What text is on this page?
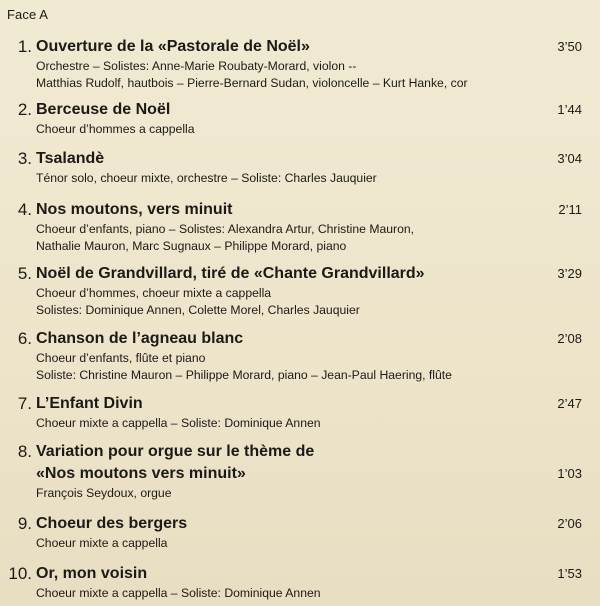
Face A
1. Ouverture de la «Pastorale de Noël»	3’50
Orchestre – Solistes: Anne-Marie Roubaty-Morard, violon --
Matthias Rudolf, hautbois – Pierre-Bernard Sudan, violoncelle – Kurt Hanke, cor
2. Berceuse de Noël	1’44
Choeur d’hommes a cappella
3. Tsalandè	3’04
Ténor solo, choeur mixte, orchestre – Soliste: Charles Jauquier
4. Nos moutons, vers minuit	2’11
Choeur d’enfants, piano – Solistes: Alexandra Artur, Christine Mauron,
Nathalie Mauron, Marc Sugnaux – Philippe Morard, piano
5. Noël de Grandvillard, tiré de «Chante Grandvillard»	3’29
Choeur d’hommes, choeur mixte a cappella
Solistes: Dominique Annen, Colette Morel, Charles Jauquier
6. Chanson de l’agneau blanc	2’08
Choeur d’enfants, flûte et piano
Soliste: Christine Mauron – Philippe Morard, piano – Jean-Paul Haering, flûte
7. L’Enfant Divin	2’47
Choeur mixte a cappella – Soliste: Dominique Annen
8. Variation pour orgue sur le thème de
«Nos moutons vers minuit»	1’03
François Seydoux, orgue
9. Choeur des bergers	2’06
Choeur mixte a cappella
10. Or, mon voisin	1’53
Choeur mixte a cappella – Soliste: Dominique Annen
